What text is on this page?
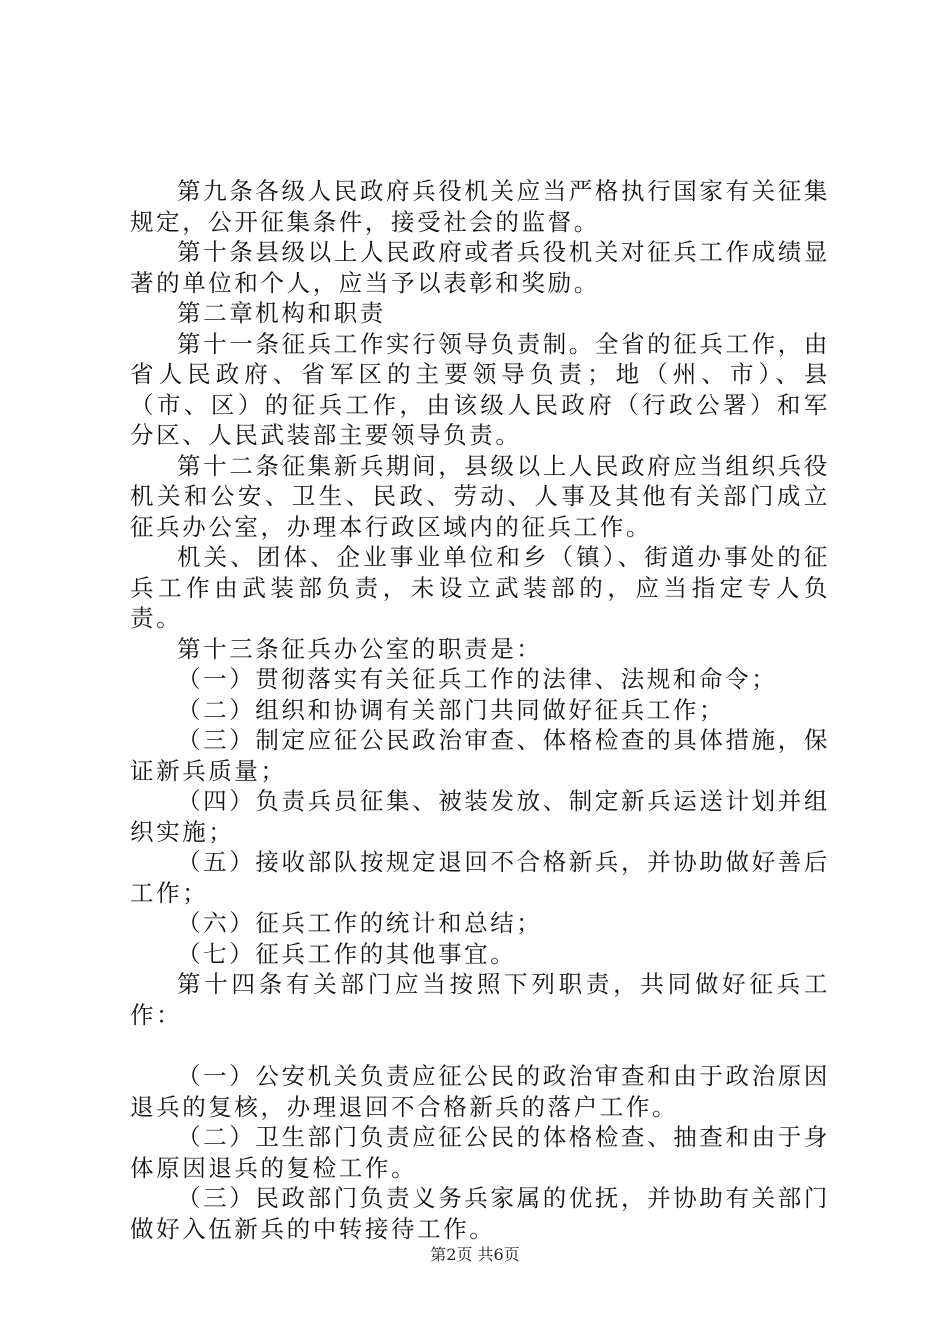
第九条各级人民政府兵役机关应当严格执行国家有关征集规定，公开征集条件，接受社会的监督。

第十条县级以上人民政府或者兵役机关对征兵工作成绩显著的单位和个人，应当予以表彰和奖励。

第二章机构和职责

第十一条征兵工作实行领导负责制。全省的征兵工作，由省人民政府、省军区的主要领导负责；地（州、市）、县（市、区）的征兵工作，由该级人民政府（行政公署）和军分区、人民武装部主要领导负责。

第十二条征集新兵期间，县级以上人民政府应当组织兵役机关和公安、卫生、民政、劳动、人事及其他有关部门成立征兵办公室，办理本行政区域内的征兵工作。

机关、团体、企业事业单位和乡（镇）、街道办事处的征兵工作由武装部负责，未设立武装部的，应当指定专人负责。

第十三条征兵办公室的职责是：

（一）贯彻落实有关征兵工作的法律、法规和命令；

（二）组织和协调有关部门共同做好征兵工作；

（三）制定应征公民政治审查、体格检查的具体措施，保证新兵质量；

（四）负责兵员征集、被装发放、制定新兵运送计划并组织实施；

（五）接收部队按规定退回不合格新兵，并协助做好善后工作；

（六）征兵工作的统计和总结；

（七）征兵工作的其他事宜。

第十四条有关部门应当按照下列职责，共同做好征兵工作：

（一）公安机关负责应征公民的政治审查和由于政治原因退兵的复核，办理退回不合格新兵的落户工作。

（二）卫生部门负责应征公民的体格检查、抽查和由于身体原因退兵的复检工作。

（三）民政部门负责义务兵家属的优抚，并协助有关部门做好入伍新兵的中转接待工作。

第2页 共6页
